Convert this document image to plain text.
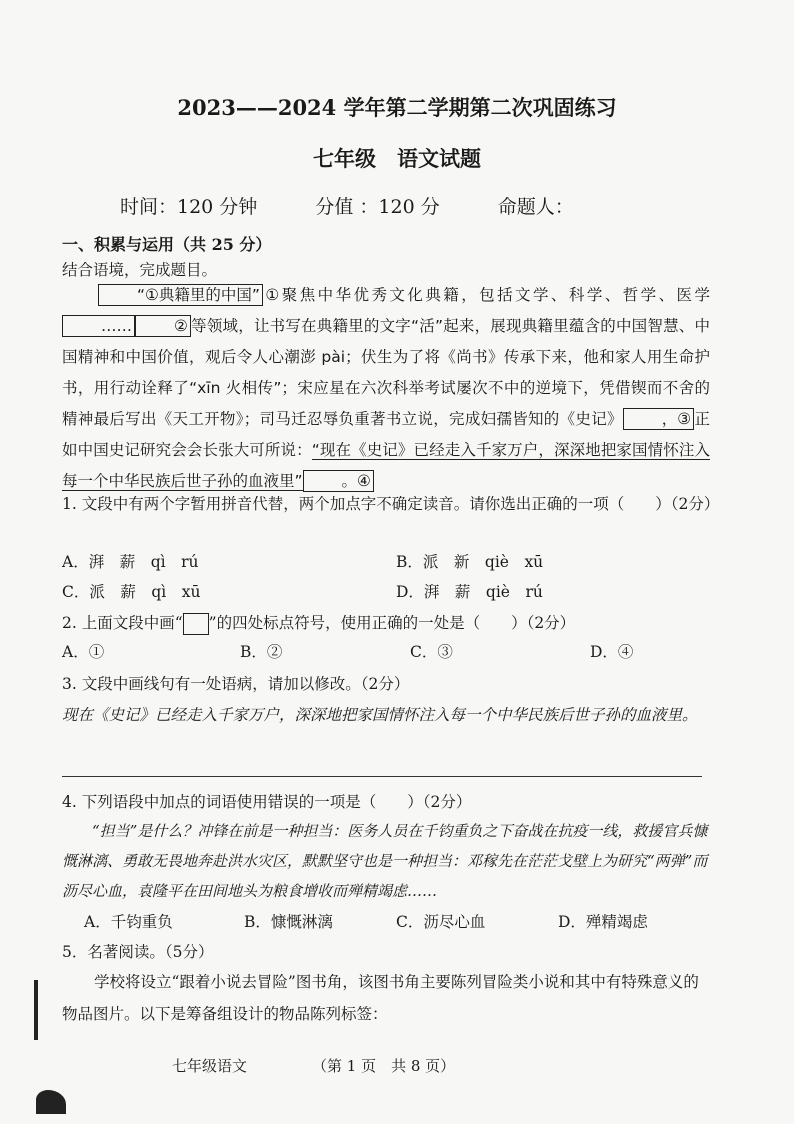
2023——2024 学年第二学期第二次巩固练习
七年级　语文试题
时间：120 分钟	分值 ：120 分	命题人：
一、积累与运用（共 25 分）
结合语境，完成题目。
“①典籍里的中国” ①聚焦中华优秀文化典籍，包括文学、科学、哲学、医学……	② 等领域，让书写在典籍里的文字“活”起来，展现典籍里蕴含的中国智慧、中国精神和中国价值，观后令人心潮澎 pài；伏生为了将《尚书》传承下来，他和家人用生命护书，用行动诠释了“xīn 火相传”；宋应星在六次科举考试屡次不中的逆境下，凭借锲而不舍的精神最后写出《天工开物》；司马迁忍辱负重著书立说，完成妇孺皆知的《史记》	，③ 正如中国史记研究会会长张大可所说：“现在《史记》已经走入千家万户，深深地把家国情怀注入每一个中华民族后世子孙的血液里”	。④
1. 文段中有两个字暂用拼音代替，两个加点字不确定读音。请你选出正确的一项（　　）（2分）
A．湃　薪　qì　rú	B．派　新　qiè　xū
C．派　薪　qì　xū	D．湃　薪　qiè　rú
2. 上面文段中画“ ”的四处标点符号，使用正确的一处是（　　）（2分）
A．①	B．②	C．③	D．④
3. 文段中画线句有一处语病，请加以修改。（2分）
现在《史记》已经走入千家万户，深深地把家国情怀注入每一个中华民族后世子孙的血液里。
4. 下列语段中加点的词语使用错误的一项是（　　）（2分）
“担当”是什么？冲锋在前是一种担当：医务人员在千钧重负之下奋战在抗疫一线，救援官兵慷慨淋漓、勇敢无畏地奔赴洪水灾区，默默坚守也是一种担当：邓稼先在茫茫戈壁上为研究“两弹”而沥尽心血，袁隆平在田间地头为粮食增收而殚精竭虑……
A．千钧重负	B．慷慨淋漓	C．沥尽心血	D．殚精竭虑
5．名著阅读。（5分）
学校将设立“跟着小说去冒险”图书角，该图书角主要陈列冒险类小说和其中有特殊意义的物品图片。以下是筹备组设计的物品陈列标签：
七年级语文	（第 1 页　共 8 页）
